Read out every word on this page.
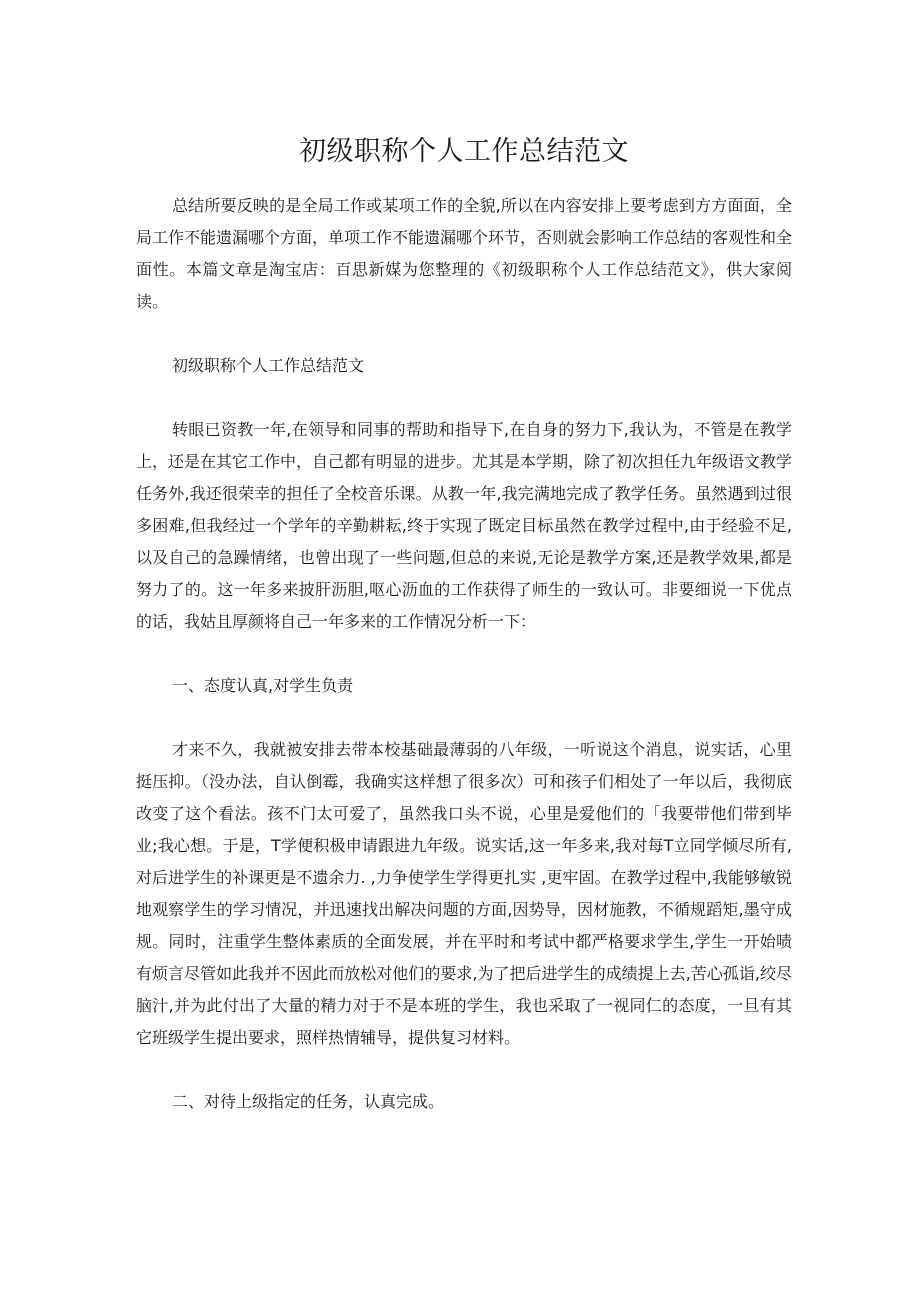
初级职称个人工作总结范文

总结所要反映的是全局工作或某项工作的全貌,所以在内容安排上要考虑到方方面面，全局工作不能遗漏哪个方面，单项工作不能遗漏哪个环节，否则就会影响工作总结的客观性和全面性。本篇文章是淘宝店：百思新媒为您整理的《初级职称个人工作总结范文》，供大家阅读。

初级职称个人工作总结范文

转眼已资教一年,在领导和同事的帮助和指导下,在自身的努力下,我认为，不管是在教学上，还是在其它工作中，自己都有明显的进步。尤其是本学期，除了初次担任九年级语文教学任务外,我还很荣幸的担任了全校音乐课。从教一年,我完满地完成了教学任务。虽然遇到过很多困难,但我经过一个学年的辛勤耕耘,终于实现了既定目标虽然在教学过程中,由于经验不足,以及自己的急躁情绪，也曾出现了一些问题,但总的来说,无论是教学方案,还是教学效果,都是努力了的。这一年多来披肝沥胆,呕心沥血的工作获得了师生的一致认可。非要细说一下优点的话，我姑且厚颜将自己一年多来的工作情况分析一下：

一、态度认真,对学生负责

才来不久，我就被安排去带本校基础最薄弱的八年级，一听说这个消息，说实话，心里挺压抑。（没办法，自认倒霉，我确实这样想了很多次）可和孩子们相处了一年以后，我彻底改变了这个看法。孩不门太可爱了，虽然我口头不说，心里是爱他们的「我要带他们带到毕业;我心想。于是，T学便积极申请跟进九年级。说实话,这一年多来,我对每T立同学倾尽所有,对后进学生的补课更是不遗余力. ,力争使学生学得更扎实 ,更牢固。在教学过程中,我能够敏锐地观察学生的学习情况，并迅速找出解决问题的方面,因势导，因材施教，不循规蹈矩,墨守成规。同时，注重学生整体素质的全面发展，并在平时和考试中都严格要求学生,学生一开始啧有烦言尽管如此我并不因此而放松对他们的要求,为了把后进学生的成绩提上去,苦心孤诣,绞尽脑汁,并为此付出了大量的精力对于不是本班的学生，我也采取了一视同仁的态度，一旦有其它班级学生提出要求，照样热情辅导，提供复习材料。

二、对待上级指定的任务，认真完成。
